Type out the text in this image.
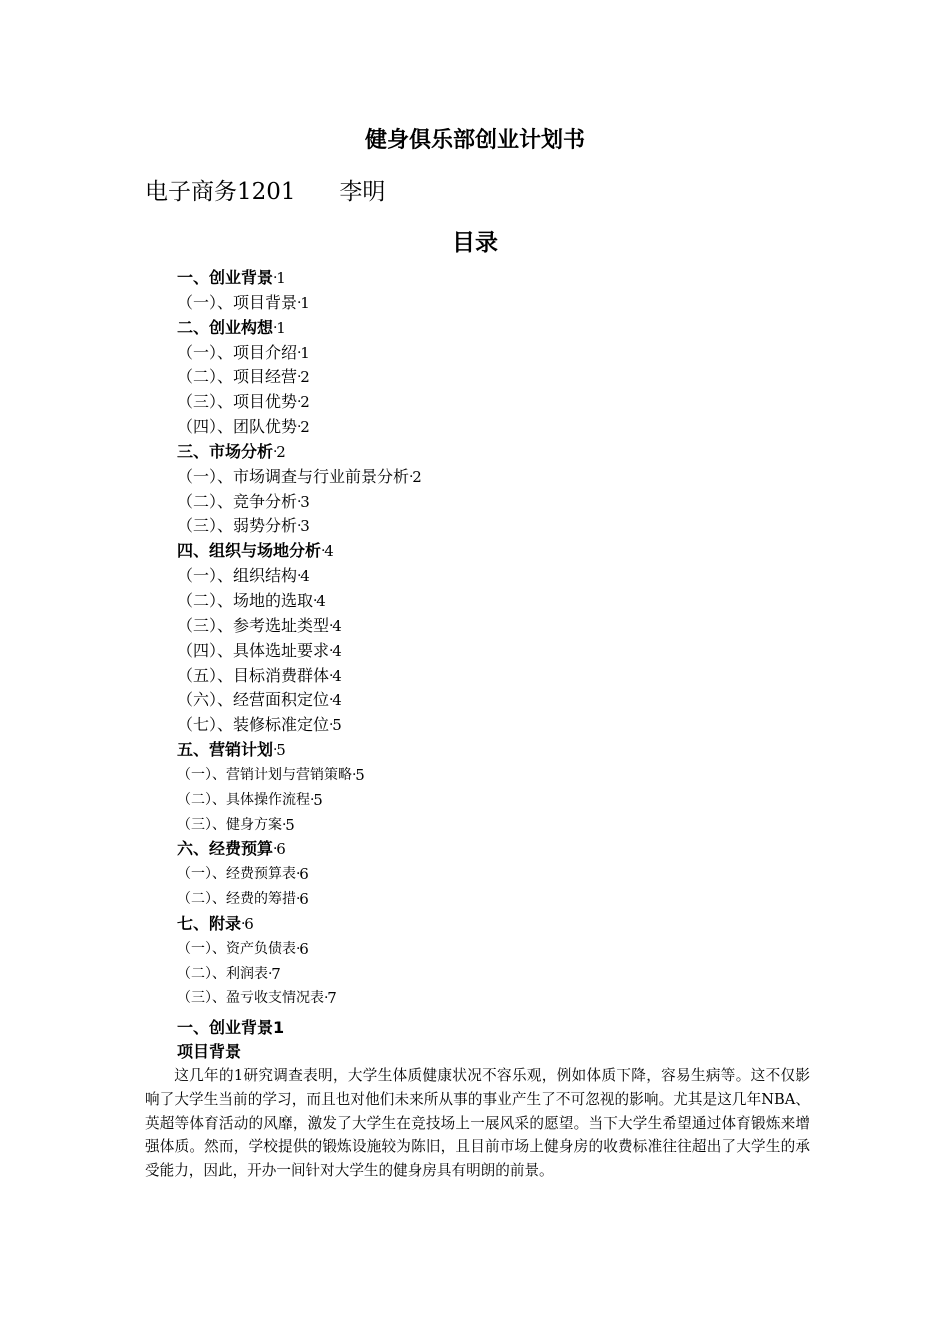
健身俱乐部创业计划书
电子商务1201      李明
目录
一、创业背景·1
（一）、项目背景·1
二、创业构想·1
（一）、项目介绍·1
（二）、项目经营·2
（三）、项目优势·2
（四）、团队优势·2
三、市场分析·2
（一）、市场调查与行业前景分析·2
（二）、竞争分析·3
（三）、弱势分析·3
四、组织与场地分析·4
（一）、组织结构·4
（二）、场地的选取·4
（三）、参考选址类型·4
（四）、具体选址要求·4
（五）、目标消费群体·4
（六）、经营面积定位·4
（七）、装修标准定位·5
五、营销计划·5
（一）、营销计划与营销策略·5
（二）、具体操作流程·5
（三）、健身方案·5
六、经费预算·6
（一）、经费预算表·6
（二）、经费的筹措·6
七、附录·6
（一）、资产负债表·6
（二）、利润表·7
（三）、盈亏收支情况表·7
一、创业背景1
项目背景
这几年的1研究调查表明，大学生体质健康状况不容乐观，例如体质下降，容易生病等。这不仅影响了大学生当前的学习，而且也对他们未来所从事的事业产生了不可忽视的影响。尤其是这几年NBA、英超等体育活动的风靡，激发了大学生在竞技场上一展风采的愿望。当下大学生希望通过体育锻炼来增强体质。然而，学校提供的锻炼设施较为陈旧，且目前市场上健身房的收费标准往往超出了大学生的承受能力，因此，开办一间针对大学生的健身房具有明朗的前景。
